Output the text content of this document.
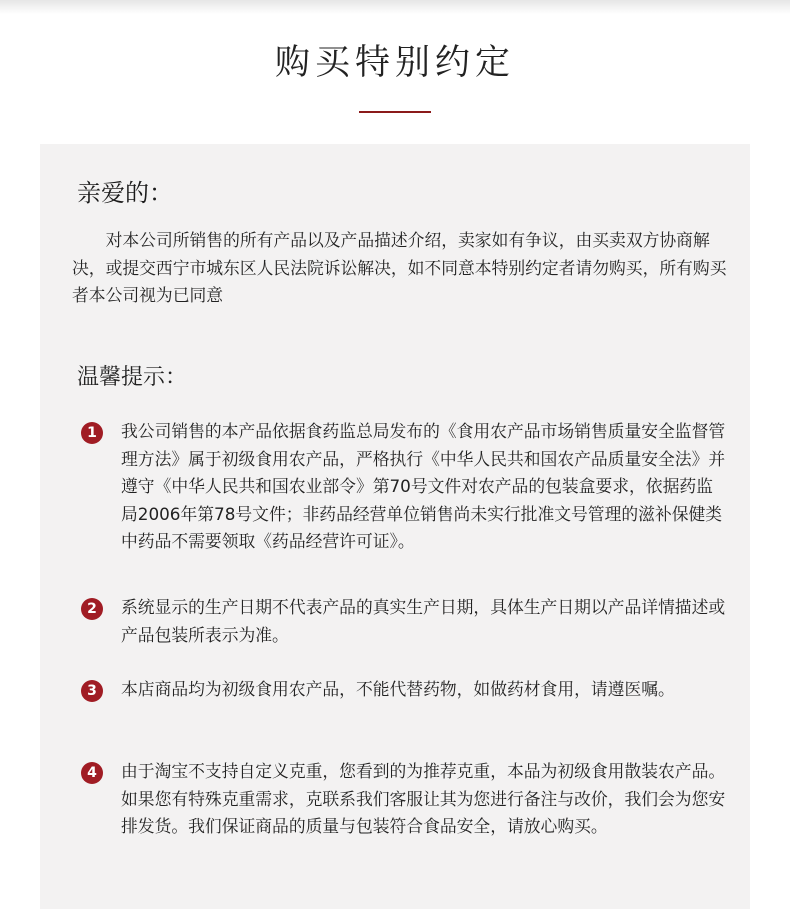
购买特别约定
亲爱的：

对本公司所销售的所有产品以及产品描述介绍，卖家如有争议，由买卖双方协商解决，或提交西宁市城东区人民法院诉讼解决，如不同意本特别约定者请勿购买，所有购买者本公司视为已同意

温馨提示：
1	我公司销售的本产品依据食药监总局发布的《食用农产品市场销售质量安全监督管理方法》属于初级食用农产品，严格执行《中华人民共和国农产品质量安全法》并遵守《中华人民共和国农业部令》第70号文件对农产品的包装盒要求，依据药监局2006年第78号文件；非药品经营单位销售尚未实行批准文号管理的滋补保健类中药品不需要领取《药品经营许可证》。

2	系统显示的生产日期不代表产品的真实生产日期，具体生产日期以产品详情描述或产品包装所表示为准。

3	本店商品均为初级食用农产品，不能代替药物，如做药材食用，请遵医嘱。

4	由于淘宝不支持自定义克重，您看到的为推荐克重，本品为初级食用散装农产品。如果您有特殊克重需求，克联系我们客服让其为您进行备注与改价，我们会为您安排发货。我们保证商品的质量与包装符合食品安全，请放心购买。
